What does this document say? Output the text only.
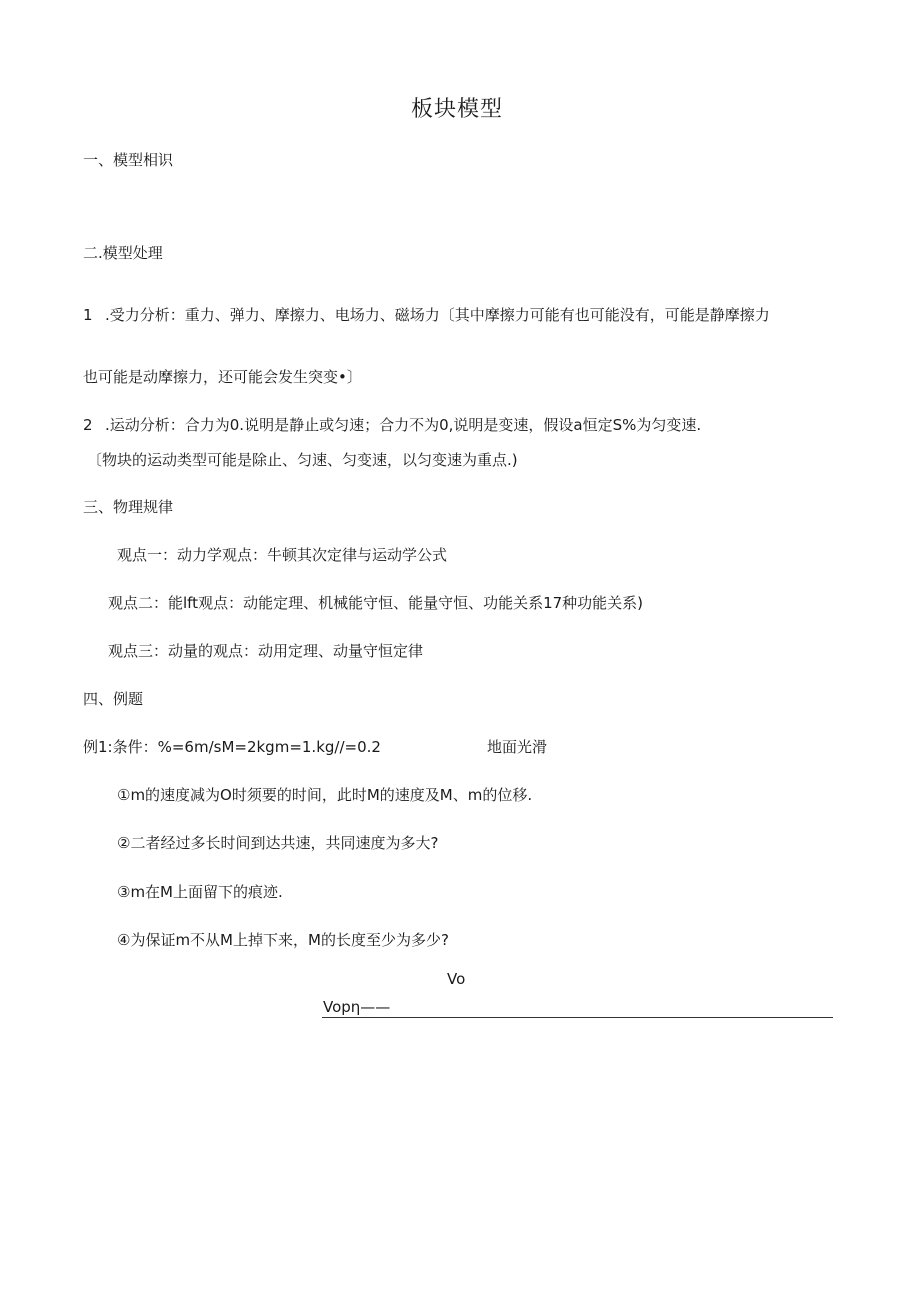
板块模型
一、模型相识
二.模型处理
1 .受力分析：重力、弹力、摩擦力、电场力、磁场力〔其中摩擦力可能有也可能没有，可能是静摩擦力
也可能是动摩擦力，还可能会发生突变•〕
2 .运动分析：合力为0.说明是静止或匀速；合力不为0,说明是变速，假设a恒定S%为匀变速.
〔物块的运动类型可能是除止、匀速、匀变速，以匀变速为重点.)
三、物理规律
观点一：动力学观点：牛顿其次定律与运动学公式
观点二：能lft观点：动能定理、机械能守恒、能量守恒、功能关系17种功能关系)
观点三：动量的观点：动用定理、动量守恒定律
四、例题
例1:条件：%=6m/sM=2kgm=1.kg//=0.2	地面光滑
①m的速度减为O时须要的时间，此时M的速度及M、m的位移.
②二者经过多长时间到达共速，共同速度为多大?
③m在M上面留下的痕迹.
④为保证m不从M上掉下来，M的长度至少为多少?
Vo
Vopη——
